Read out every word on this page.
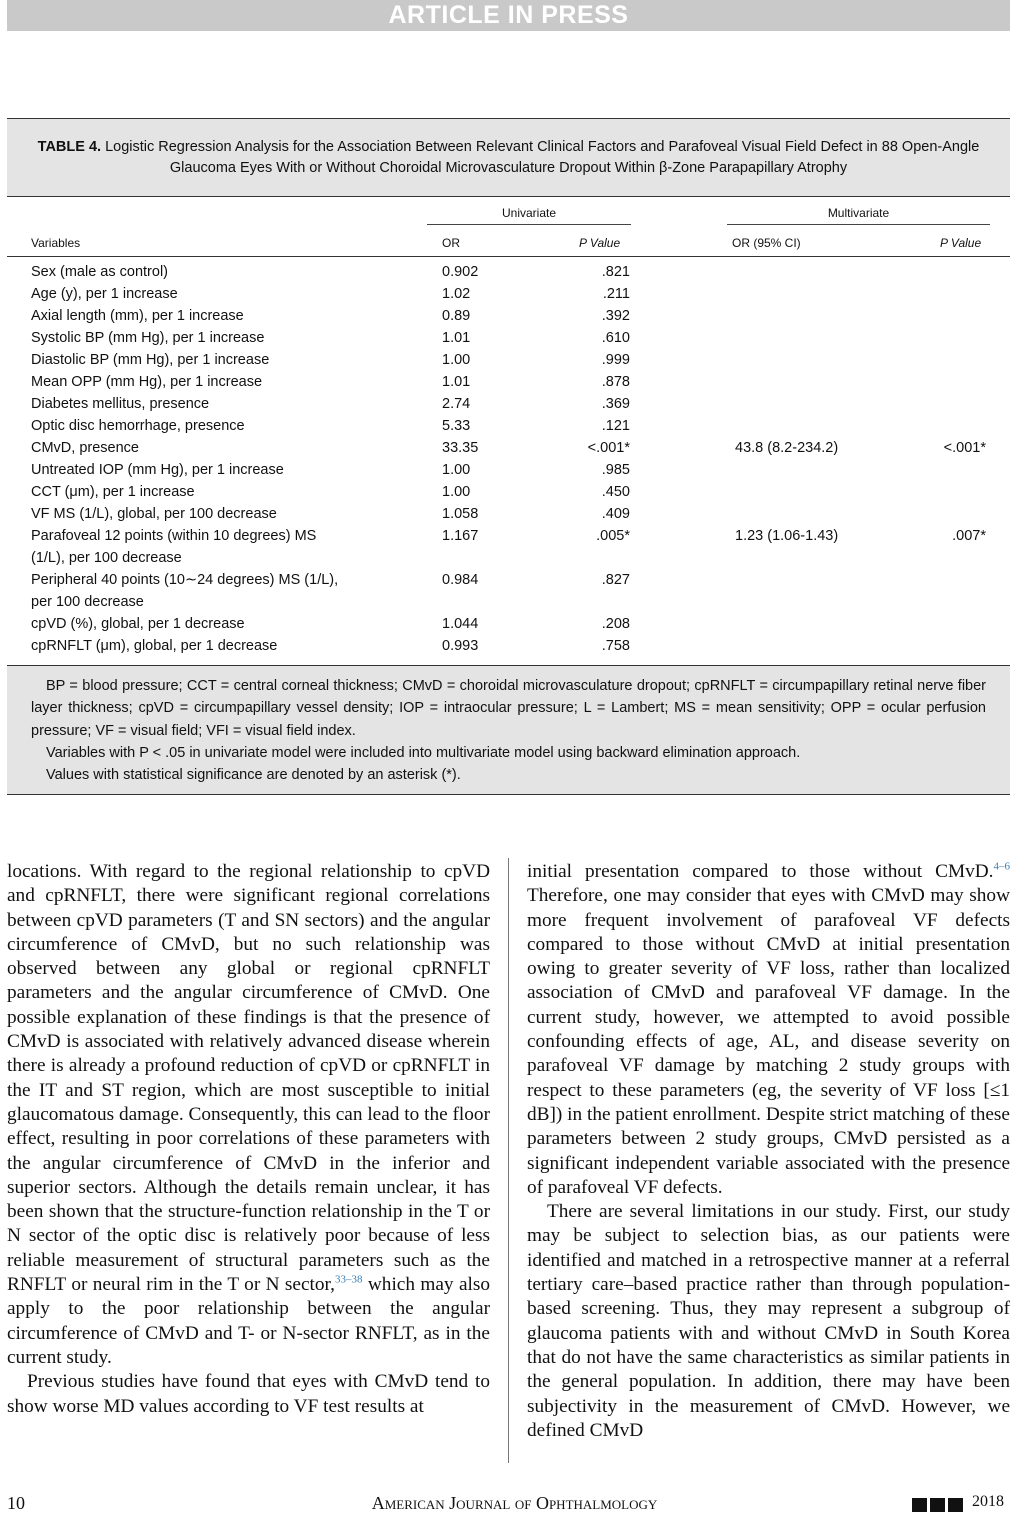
ARTICLE IN PRESS
TABLE 4. Logistic Regression Analysis for the Association Between Relevant Clinical Factors and Parafoveal Visual Field Defect in 88 Open-Angle Glaucoma Eyes With or Without Choroidal Microvasculature Dropout Within β-Zone Parapapillary Atrophy
Univariate	Multivariate
Variables	OR	P Value	OR (95% CI)	P Value
Sex (male as control)	0.902	.821
Age (y), per 1 increase	1.02	.211
Axial length (mm), per 1 increase	0.89	.392
Systolic BP (mm Hg), per 1 increase	1.01	.610
Diastolic BP (mm Hg), per 1 increase	1.00	.999
Mean OPP (mm Hg), per 1 increase	1.01	.878
Diabetes mellitus, presence	2.74	.369
Optic disc hemorrhage, presence	5.33	.121
CMvD, presence	33.35	<.001*	43.8 (8.2-234.2)	<.001*
Untreated IOP (mm Hg), per 1 increase	1.00	.985
CCT (μm), per 1 increase	1.00	.450
VF MS (1/L), global, per 100 decrease	1.058	.409
Parafoveal 12 points (within 10 degrees) MS (1/L), per 100 decrease
1.167	.005*	1.23 (1.06-1.43)	.007*
Peripheral 40 points (10∼24 degrees) MS (1/L), per 100 decrease
0.984	.827
cpVD (%), global, per 1 decrease	1.044	.208
cpRNFLT (μm), global, per 1 decrease	0.993	.758

BP = blood pressure; CCT = central corneal thickness; CMvD = choroidal microvasculature dropout; cpRNFLT = circumpapillary retinal nerve fiber layer thickness; cpVD = circumpapillary vessel density; IOP = intraocular pressure; L = Lambert; MS = mean sensitivity; OPP = ocular perfusion pressure; VF = visual field; VFI = visual field index.

Variables with P < .05 in univariate model were included into multivariate model using backward elimination approach.

Values with statistical significance are denoted by an asterisk (*).

locations. With regard to the regional relationship to cpVD and cpRNFLT, there were significant regional correlations between cpVD parameters (T and SN sectors) and the angular circumference of CMvD, but no such relationship was observed between any global or regional cpRNFLT parameters and the angular circumference of CMvD. One possible explanation of these findings is that the presence of CMvD is associated with relatively advanced disease wherein there is already a profound reduction of cpVD or cpRNFLT in the IT and ST region, which are most susceptible to initial glaucomatous damage. Consequently, this can lead to the floor effect, resulting in poor correlations of these parameters with the angular circumference of CMvD in the inferior and superior sectors. Although the details remain unclear, it has been shown that the structure-function relationship in the T or N sector of the optic disc is relatively poor because of less reliable measurement of structural parameters such as the RNFLT or neural rim in the T or N sector,$^{33-38}$ which may also apply to the poor relationship between the angular circumference of CMvD and T- or N-sector RNFLT, as in the current study.

Previous studies have found that eyes with CMvD tend to show worse MD values according to VF test results at

initial presentation compared to those without CMvD.$^{4-6}$ Therefore, one may consider that eyes with CMvD may show more frequent involvement of parafoveal VF defects compared to those without CMvD at initial presentation owing to greater severity of VF loss, rather than localized association of CMvD and parafoveal VF damage. In the current study, however, we attempted to avoid possible confounding effects of age, AL, and disease severity on parafoveal VF damage by matching 2 study groups with respect to these parameters (eg, the severity of VF loss [≤1 dB]) in the patient enrollment. Despite strict matching of these parameters between 2 study groups, CMvD persisted as a significant independent variable associated with the presence of parafoveal VF defects.

There are several limitations in our study. First, our study may be subject to selection bias, as our patients were identified and matched in a retrospective manner at a referral tertiary care–based practice rather than through population-based screening. Thus, they may represent a subgroup of glaucoma patients with and without CMvD in South Korea that do not have the same characteristics as similar patients in the general population. In addition, there may have been subjectivity in the measurement of CMvD. However, we defined CMvD

10	American Journal of Ophthalmology	2018
